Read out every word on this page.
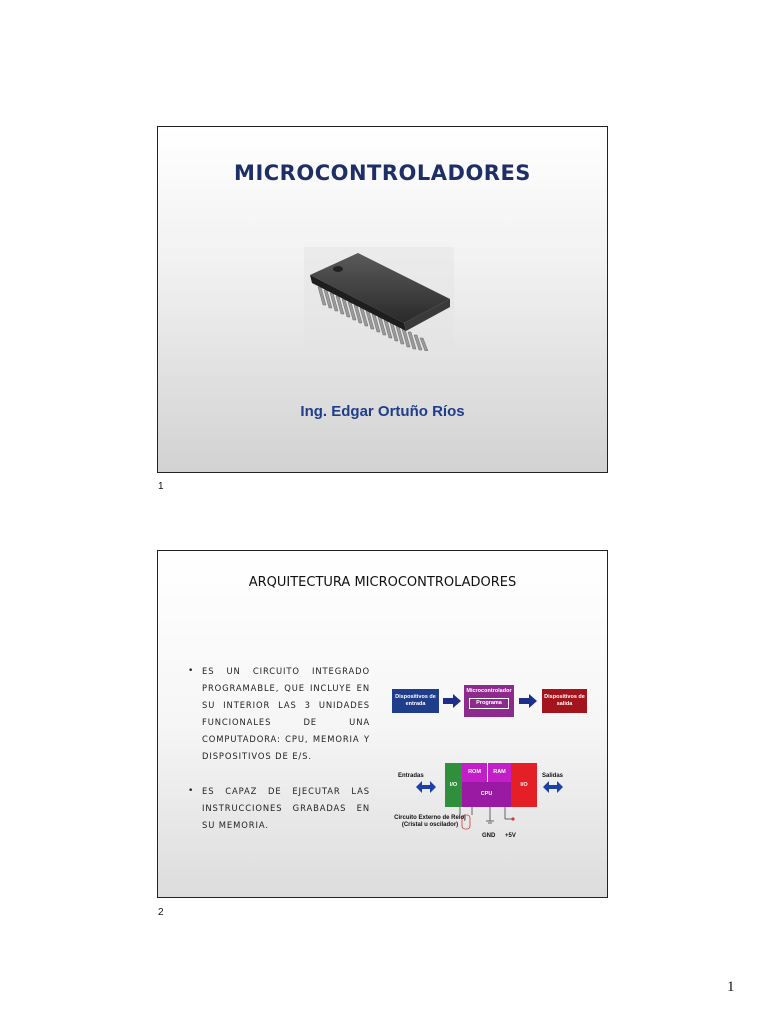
MICROCONTROLADORES
Ing. Edgar Ortuño Ríos
1
ARQUITECTURA MICROCONTROLADORES
• ES UN CIRCUITO INTEGRADO PROGRAMABLE, QUE INCLUYE EN SU INTERIOR LAS 3 UNIDADES FUNCIONALES DE UNA COMPUTADORA: CPU, MEMORIA Y DISPOSITIVOS DE E/S.
• ES CAPAZ DE EJECUTAR LAS INSTRUCCIONES GRABADAS EN SU MEMORIA.
Dispositivos de entrada
Microcontrolador
Programa
Dispositivos de salida
Entradas
I/O
ROM RAM
CPU
I/O
Salidas
Circuito Externo de Reloj (Cristal u oscilador)
GND +5V
2
1
